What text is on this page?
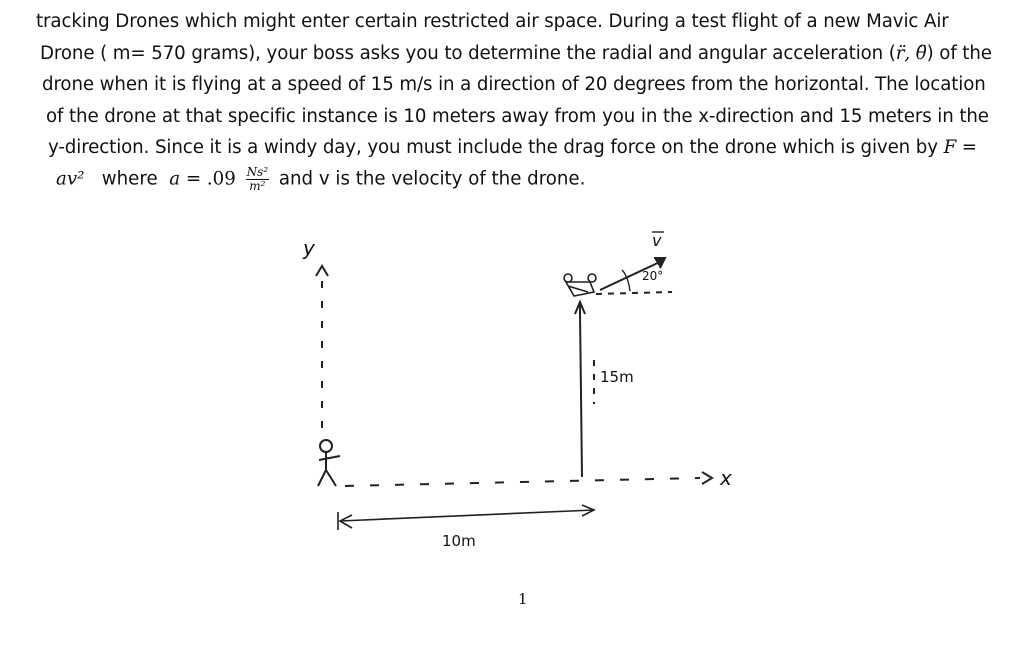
tracking Drones which might enter certain restricted air space. During a test flight of a new Mavic Air
Drone ( m= 570 grams), your boss asks you to determine the radial and angular acceleration (r̈, θ̈) of the
drone when it is flying at a speed of 15 m/s in a direction of 20 degrees from the horizontal. The location
of the drone at that specific instance is 10 meters away from you in the x-direction and 15 meters in the
y-direction. Since it is a windy day, you must include the drag force on the drone which is given by F =
av²   where  $a = .09 \frac{\text{Ns²}}{\text{m²}}$ and v is the velocity of the drone.
y
x
10m
15m
20°
v
1
